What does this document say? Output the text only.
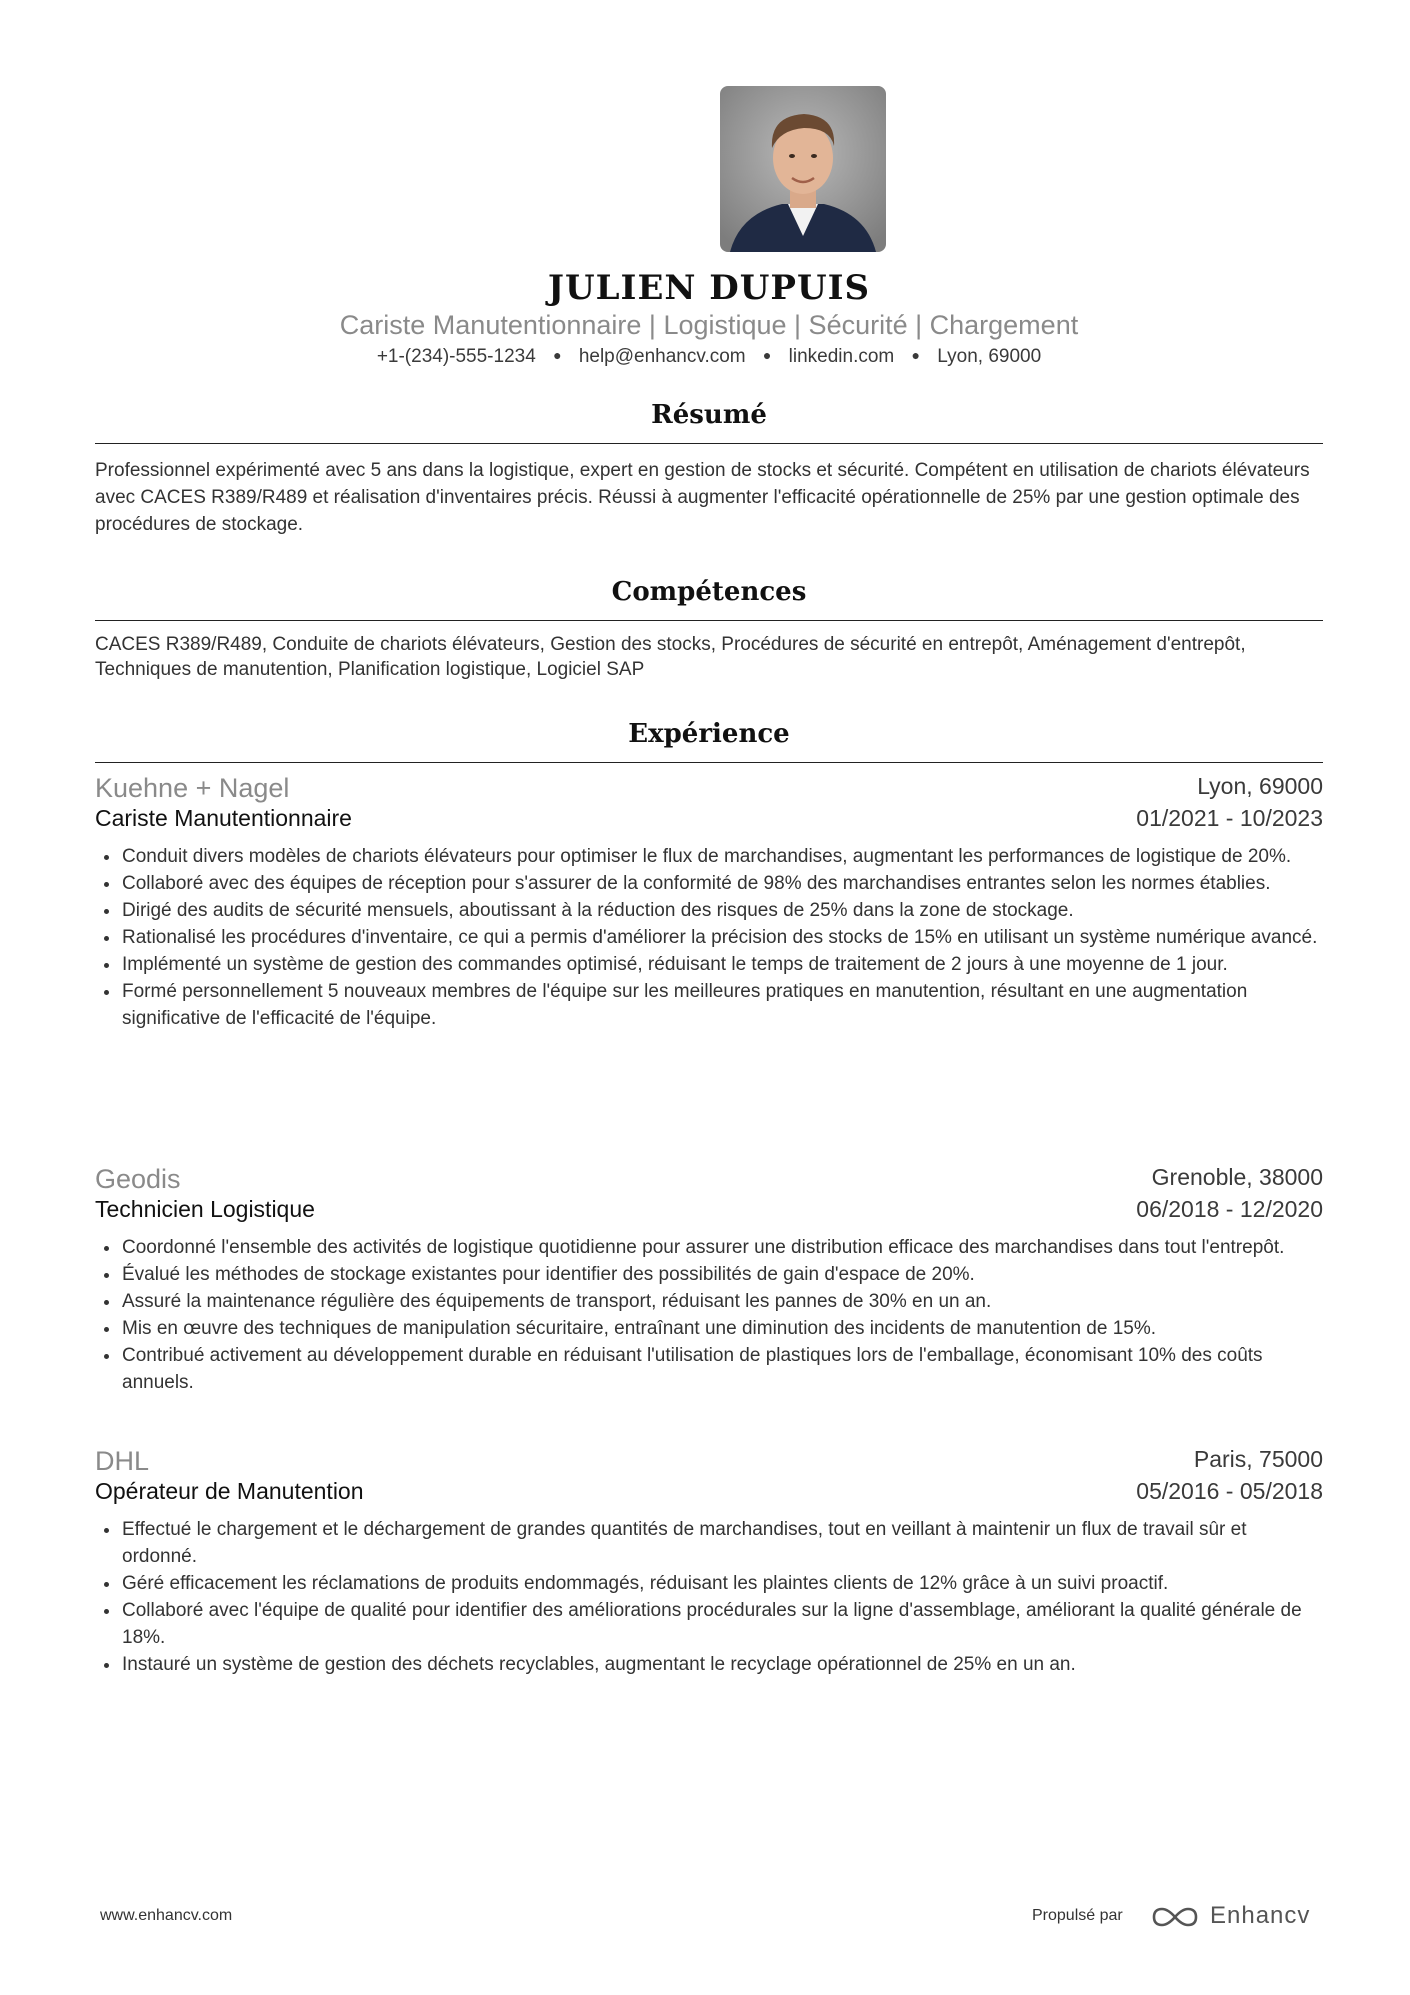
JULIEN DUPUIS
Cariste Manutentionnaire | Logistique | Sécurité | Chargement
+1-(234)-555-1234 ● help@enhancv.com ● linkedin.com ● Lyon, 69000
Résumé
Professionnel expérimenté avec 5 ans dans la logistique, expert en gestion de stocks et sécurité. Compétent en utilisation de chariots élévateurs avec CACES R389/R489 et réalisation d'inventaires précis. Réussi à augmenter l'efficacité opérationnelle de 25% par une gestion optimale des procédures de stockage.
Compétences
CACES R389/R489, Conduite de chariots élévateurs, Gestion des stocks, Procédures de sécurité en entrepôt, Aménagement d'entrepôt, Techniques de manutention, Planification logistique, Logiciel SAP
Expérience
Kuehne + Nagel	Lyon, 69000
Cariste Manutentionnaire	01/2021 - 10/2023
Conduit divers modèles de chariots élévateurs pour optimiser le flux de marchandises, augmentant les performances de logistique de 20%.
Collaboré avec des équipes de réception pour s'assurer de la conformité de 98% des marchandises entrantes selon les normes établies.
Dirigé des audits de sécurité mensuels, aboutissant à la réduction des risques de 25% dans la zone de stockage.
Rationalisé les procédures d'inventaire, ce qui a permis d'améliorer la précision des stocks de 15% en utilisant un système numérique avancé.
Implémenté un système de gestion des commandes optimisé, réduisant le temps de traitement de 2 jours à une moyenne de 1 jour.
Formé personnellement 5 nouveaux membres de l'équipe sur les meilleures pratiques en manutention, résultant en une augmentation significative de l'efficacité de l'équipe.
Geodis	Grenoble, 38000
Technicien Logistique	06/2018 - 12/2020
Coordonné l'ensemble des activités de logistique quotidienne pour assurer une distribution efficace des marchandises dans tout l'entrepôt.
Évalué les méthodes de stockage existantes pour identifier des possibilités de gain d'espace de 20%.
Assuré la maintenance régulière des équipements de transport, réduisant les pannes de 30% en un an.
Mis en œuvre des techniques de manipulation sécuritaire, entraînant une diminution des incidents de manutention de 15%.
Contribué activement au développement durable en réduisant l'utilisation de plastiques lors de l'emballage, économisant 10% des coûts annuels.
DHL	Paris, 75000
Opérateur de Manutention	05/2016 - 05/2018
Effectué le chargement et le déchargement de grandes quantités de marchandises, tout en veillant à maintenir un flux de travail sûr et ordonné.
Géré efficacement les réclamations de produits endommagés, réduisant les plaintes clients de 12% grâce à un suivi proactif.
Collaboré avec l'équipe de qualité pour identifier des améliorations procédurales sur la ligne d'assemblage, améliorant la qualité générale de 18%.
Instauré un système de gestion des déchets recyclables, augmentant le recyclage opérationnel de 25% en un an.
www.enhancv.com	Propulsé par	Enhancv
